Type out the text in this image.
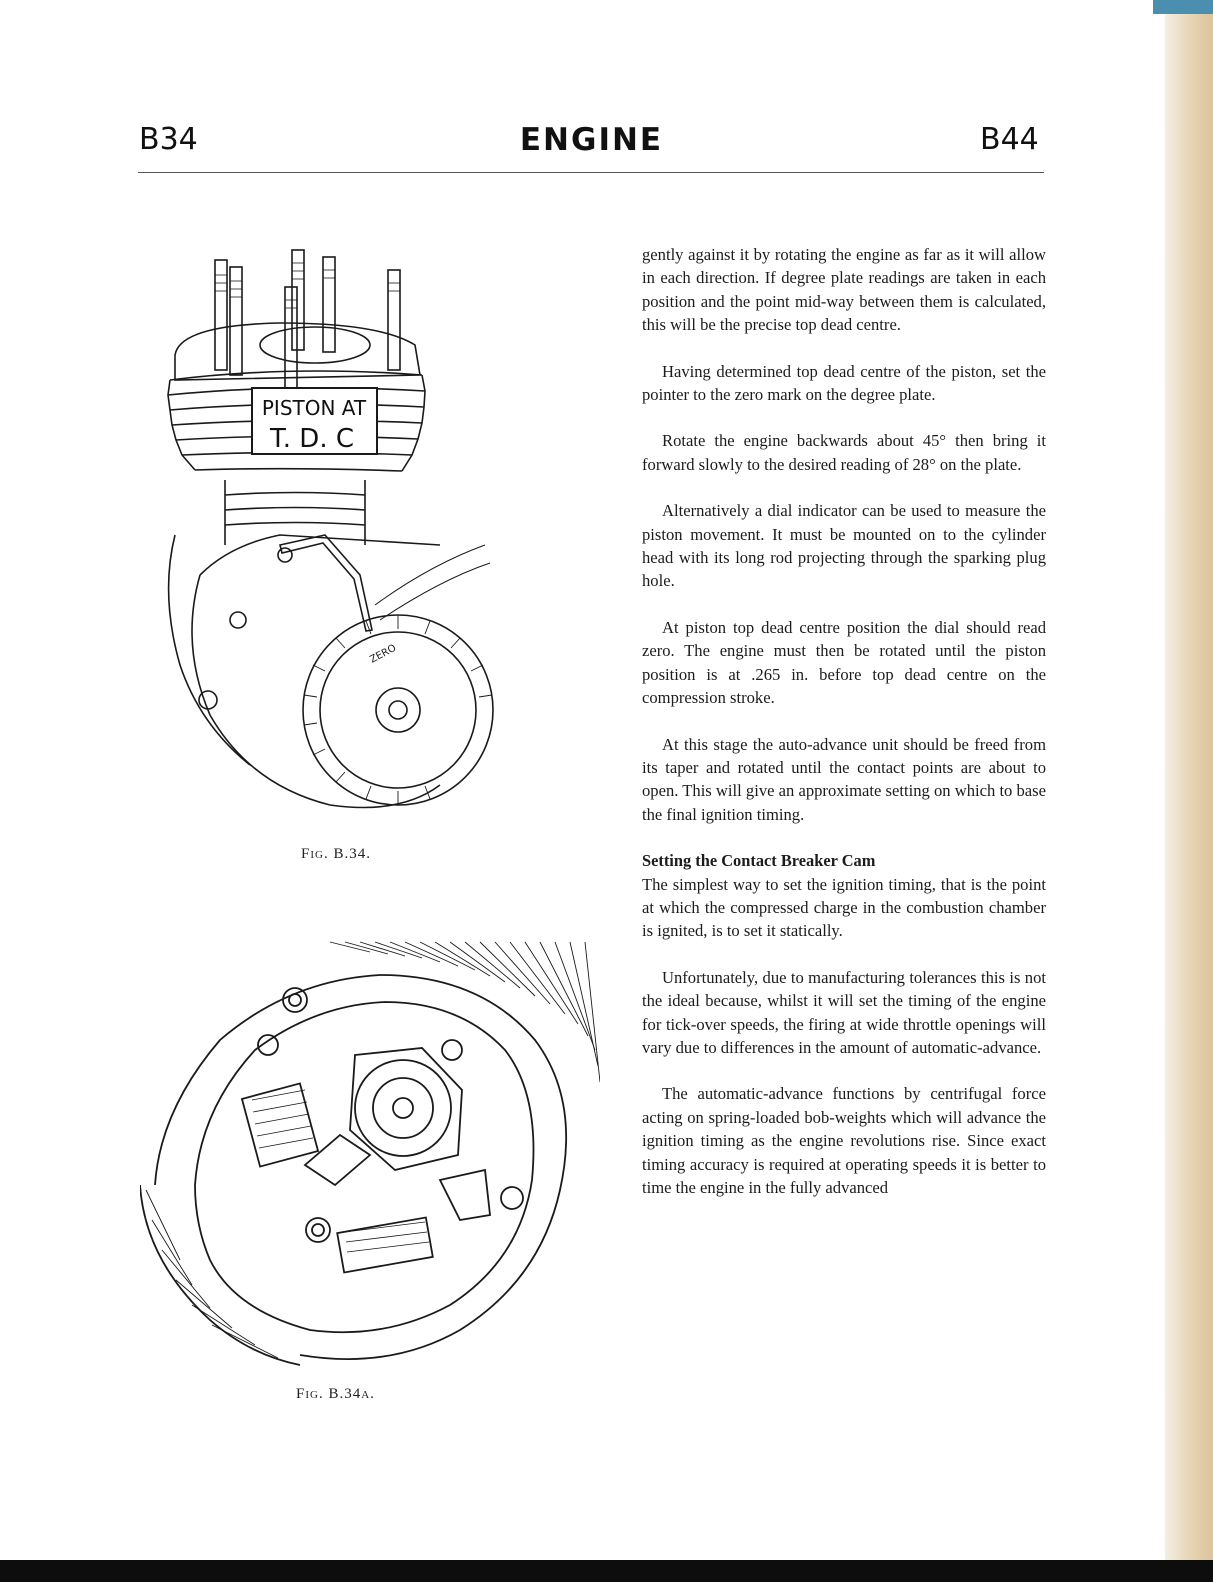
B34	ENGINE	B44
ZERO
PISTON AT
T. D. C
Fig. B.34.
Fig. B.34a.

gently against it by rotating the engine as far as it will allow in each direction. If degree plate readings are taken in each position and the point mid-way between them is calculated, this will be the precise top dead centre.

Having determined top dead centre of the piston, set the pointer to the zero mark on the degree plate.

Rotate the engine backwards about 45° then bring it forward slowly to the desired reading of 28° on the plate.

Alternatively a dial indicator can be used to measure the piston movement. It must be mounted on to the cylinder head with its long rod projecting through the sparking plug hole.

At piston top dead centre position the dial should read zero. The engine must then be rotated until the piston position is at .265 in. before top dead centre on the compression stroke.

At this stage the auto-advance unit should be freed from its taper and rotated until the contact points are about to open. This will give an approximate setting on which to base the final ignition timing.

Setting the Contact Breaker Cam

The simplest way to set the ignition timing, that is the point at which the compressed charge in the combustion chamber is ignited, is to set it statically.

Unfortunately, due to manufacturing tolerances this is not the ideal because, whilst it will set the timing of the engine for tick-over speeds, the firing at wide throttle openings will vary due to differences in the amount of automatic-advance.

The automatic-advance functions by centrifugal force acting on spring-loaded bob-weights which will advance the ignition timing as the engine revolutions rise. Since exact timing accuracy is required at operating speeds it is better to time the engine in the fully advanced
